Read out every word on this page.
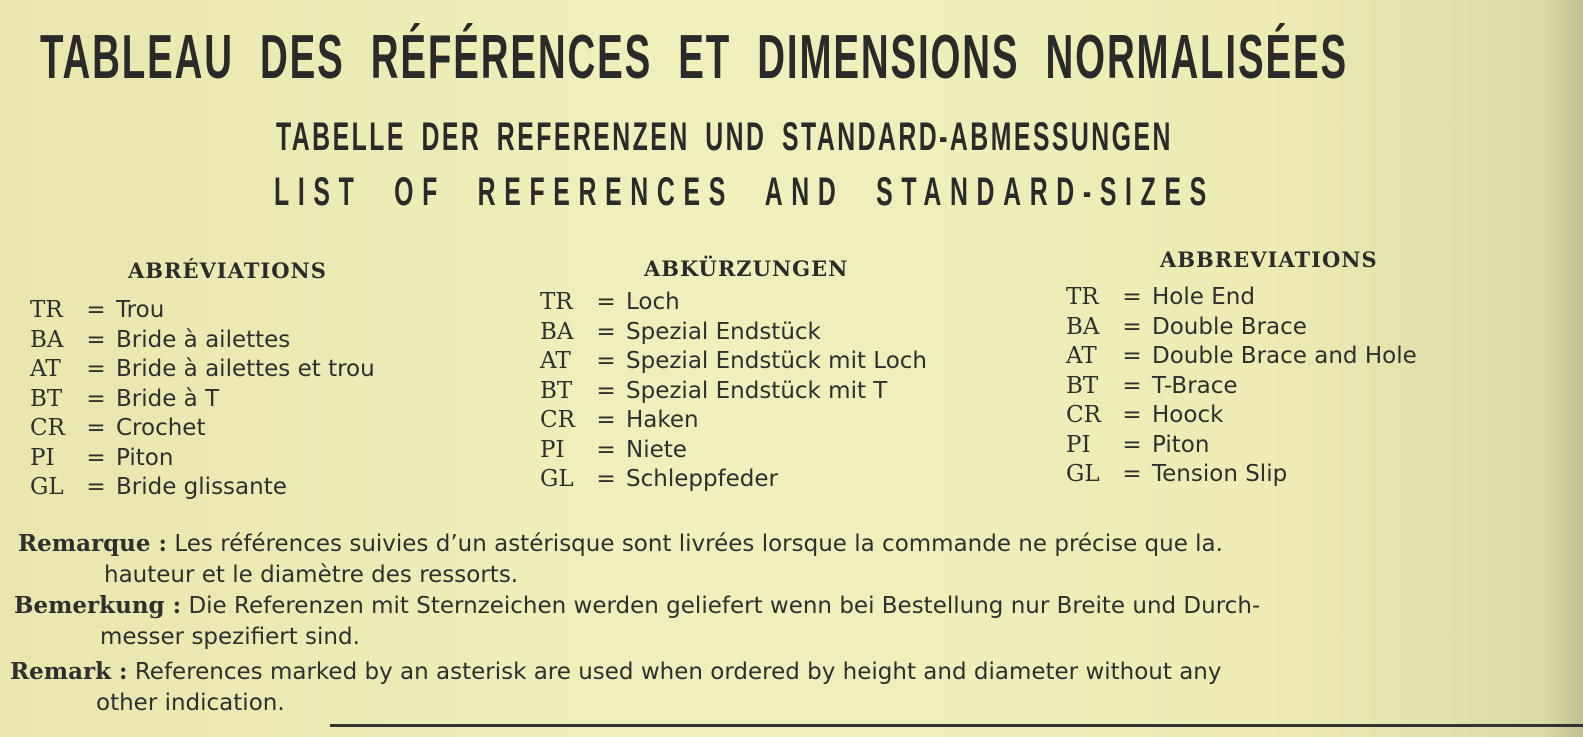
TABLEAU DES RÉFÉRENCES ET DIMENSIONS NORMALISÉES
TABELLE DER REFERENZEN UND STANDARD-ABMESSUNGEN
LIST OF REFERENCES AND STANDARD-SIZES
ABRÉVIATIONS
TR = Trou
BA = Bride à ailettes
AT = Bride à ailettes et trou
BT = Bride à T
CR = Crochet
PI = Piton
GL = Bride glissante
ABKÜRZUNGEN
TR = Loch
BA = Spezial Endstück
AT = Spezial Endstück mit Loch
BT = Spezial Endstück mit T
CR = Haken
PI = Niete
GL = Schleppfeder
ABBREVIATIONS
TR = Hole End
BA = Double Brace
AT = Double Brace and Hole
BT = T-Brace
CR = Hoock
PI = Piton
GL = Tension Slip
Remarque : Les références suivies d’un astérisque sont livrées lorsque la commande ne précise que la.
hauteur et le diamètre des ressorts.
Bemerkung : Die Referenzen mit Sternzeichen werden geliefert wenn bei Bestellung nur Breite und Durch-
messer spezifiert sind.
Remark : References marked by an asterisk are used when ordered by height and diameter without any
other indication.
